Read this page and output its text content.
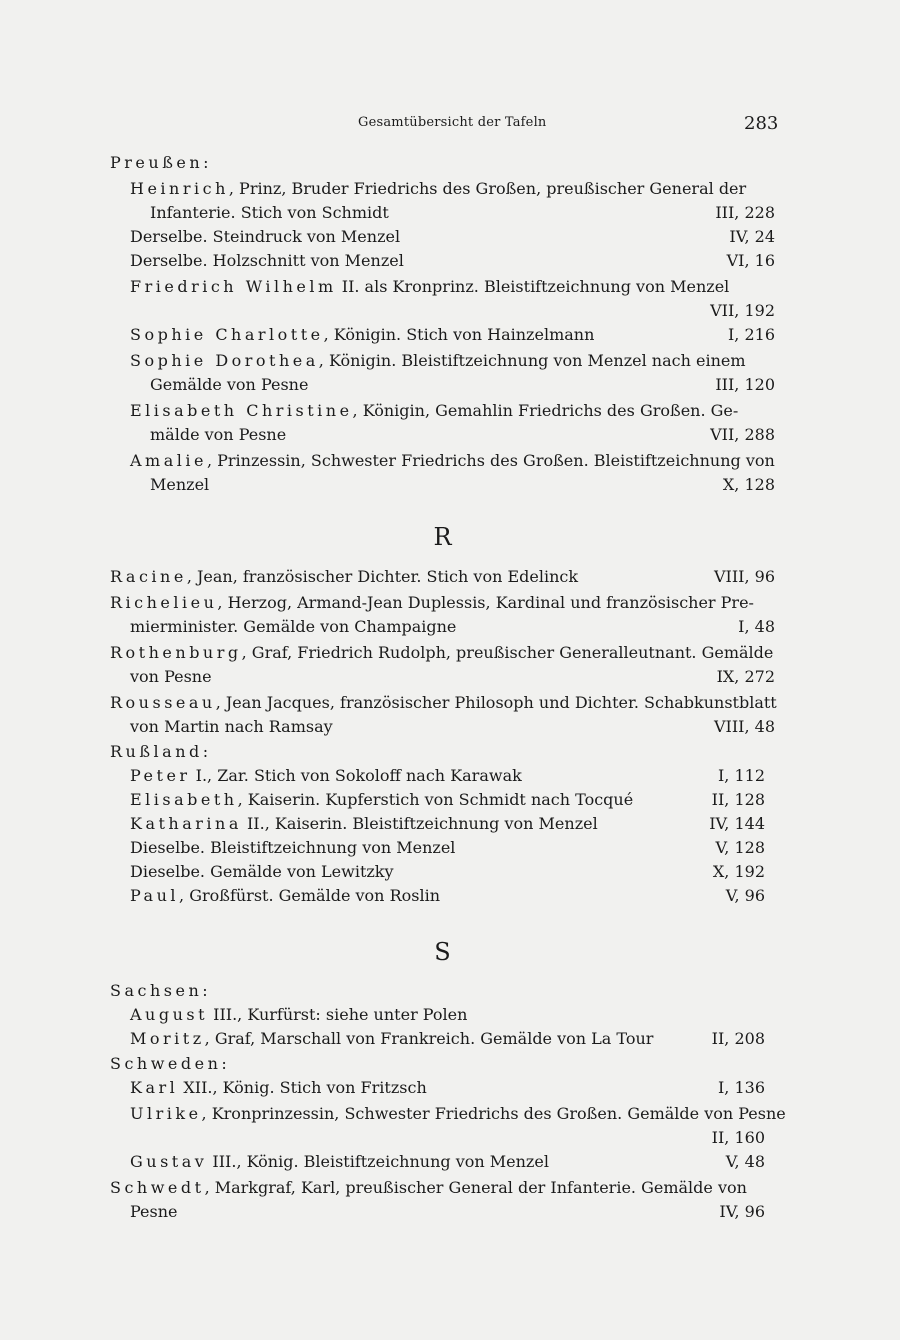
Gesamtübersicht der Tafeln	283
Preußen:
Heinrich, Prinz, Bruder Friedrichs des Großen, preußischer General der
Infanterie. Stich von Schmidt	III, 228
Derselbe. Steindruck von Menzel	IV, 24
Derselbe. Holzschnitt von Menzel	VI, 16
Friedrich Wilhelm II. als Kronprinz. Bleistiftzeichnung von Menzel
VII, 192
Sophie Charlotte, Königin. Stich von Hainzelmann	I, 216
Sophie Dorothea, Königin. Bleistiftzeichnung von Menzel nach einem
Gemälde von Pesne	III, 120
Elisabeth Christine, Königin, Gemahlin Friedrichs des Großen. Ge-
mälde von Pesne	VII, 288
Amalie, Prinzessin, Schwester Friedrichs des Großen. Bleistiftzeichnung von
Menzel	X, 128
R
Racine, Jean, französischer Dichter. Stich von Edelinck	VIII, 96
Richelieu, Herzog, Armand-Jean Duplessis, Kardinal und französischer Pre-
mierminister. Gemälde von Champaigne	I, 48
Rothenburg, Graf, Friedrich Rudolph, preußischer Generalleutnant. Gemälde
von Pesne	IX, 272
Rousseau, Jean Jacques, französischer Philosoph und Dichter. Schabkunstblatt
von Martin nach Ramsay	VIII, 48
Rußland:
Peter I., Zar. Stich von Sokoloff nach Karawak	I, 112
Elisabeth, Kaiserin. Kupferstich von Schmidt nach Tocqué	II, 128
Katharina II., Kaiserin. Bleistiftzeichnung von Menzel	IV, 144
Dieselbe. Bleistiftzeichnung von Menzel	V, 128
Dieselbe. Gemälde von Lewitzky	X, 192
Paul, Großfürst. Gemälde von Roslin	V, 96
S
Sachsen:
August III., Kurfürst: siehe unter Polen
Moritz, Graf, Marschall von Frankreich. Gemälde von La Tour	II, 208
Schweden:
Karl XII., König. Stich von Fritzsch	I, 136
Ulrike, Kronprinzessin, Schwester Friedrichs des Großen. Gemälde von Pesne
II, 160
Gustav III., König. Bleistiftzeichnung von Menzel	V, 48
Schwedt, Markgraf, Karl, preußischer General der Infanterie. Gemälde von
Pesne	IV, 96
